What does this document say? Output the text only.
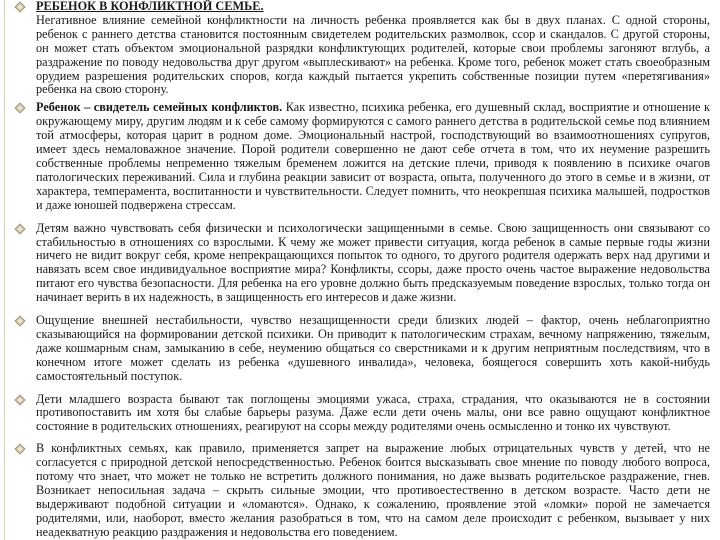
РЕБЕНОК В КОНФЛИКТНОЙ СЕМЬЕ.
Негативное влияние семейной конфликтности на личность ребенка проявляется как бы в двух планах. С одной стороны, ребенок с раннего детства становится постоянным свидетелем родительских размолвок, ссор и скандалов. С другой стороны, он может стать объектом эмоциональной разрядки конфликтующих родителей, которые свои проблемы загоняют вглубь, а раздражение по поводу недовольства друг другом «выплескивают» на ребенка. Кроме того, ребенок может стать своеобразным орудием разрешения родительских споров, когда каждый пытается укрепить собственные позиции путем «перетягивания» ребенка на свою сторону.
Ребенок – свидетель семейных конфликтов. Как известно, психика ребенка, его душевный склад, восприятие и отношение к окружающему миру, другим людям и к себе самому формируются с самого раннего детства в родительской семье под влиянием той атмосферы, которая царит в родном доме. Эмоциональный настрой, господствующий во взаимоотношениях супругов, имеет здесь немаловажное значение. Порой родители совершенно не дают себе отчета в том, что их неумение разрешить собственные проблемы непременно тяжелым бременем ложится на детские плечи, приводя к появлению в психике очагов патологических переживаний. Сила и глубина реакции зависит от возраста, опыта, полученного до этого в семье и в жизни, от характера, темперамента, воспитанности и чувствительности. Следует помнить, что неокрепшая психика малышей, подростков и даже юношей подвержена стрессам.
Детям важно чувствовать себя физически и психологически защищенными в семье. Свою защищенность они связывают со стабильностью в отношениях со взрослыми. К чему же может привести ситуация, когда ребенок в самые первые годы жизни ничего не видит вокруг себя, кроме непрекращающихся попыток то одного, то другого родителя одержать верх над другими и навязать всем свое индивидуальное восприятие мира? Конфликты, ссоры, даже просто очень частое выражение недовольства питают его чувства безопасности. Для ребенка на его уровне должно быть предсказуемым поведение взрослых, только тогда он начинает верить в их надежность, в защищенность его интересов и даже жизни.
Ощущение внешней нестабильности, чувство незащищенности среди близких людей – фактор, очень неблагоприятно сказывающийся на формировании детской психики. Он приводит к патологическим страхам, вечному напряжению, тяжелым, даже кошмарным снам, замыканию в себе, неумению общаться со сверстниками и к другим неприятным последствиям, что в конечном итоге может сделать из ребенка «душевного инвалида», человека, боящегося совершить хоть какой-нибудь самостоятельный поступок.
Дети младшего возраста бывают так поглощены эмоциями ужаса, страха, страдания, что оказываются не в состоянии противопоставить им хотя бы слабые барьеры разума. Даже если дети очень малы, они все равно ощущают конфликтное состояние в родительских отношениях, реагируют на ссоры между родителями очень осмысленно и тонко их чувствуют.
В конфликтных семьях, как правило, применяется запрет на выражение любых отрицательных чувств у детей, что не согласуется с природной детской непосредственностью. Ребенок боится высказывать свое мнение по поводу любого вопроса, потому что знает, что может не только не встретить должного понимания, но даже вызвать родительское раздражение, гнев. Возникает непосильная задача – скрыть сильные эмоции, что противоестественно в детском возрасте. Часто дети не выдерживают подобной ситуации и «ломаются». Однако, к сожалению, проявление этой «ломки» порой не замечается родителями, или, наоборот, вместо желания разобраться в том, что на самом деле происходит с ребенком, вызывает у них неадекватную реакцию раздражения и недовольства его поведением.
